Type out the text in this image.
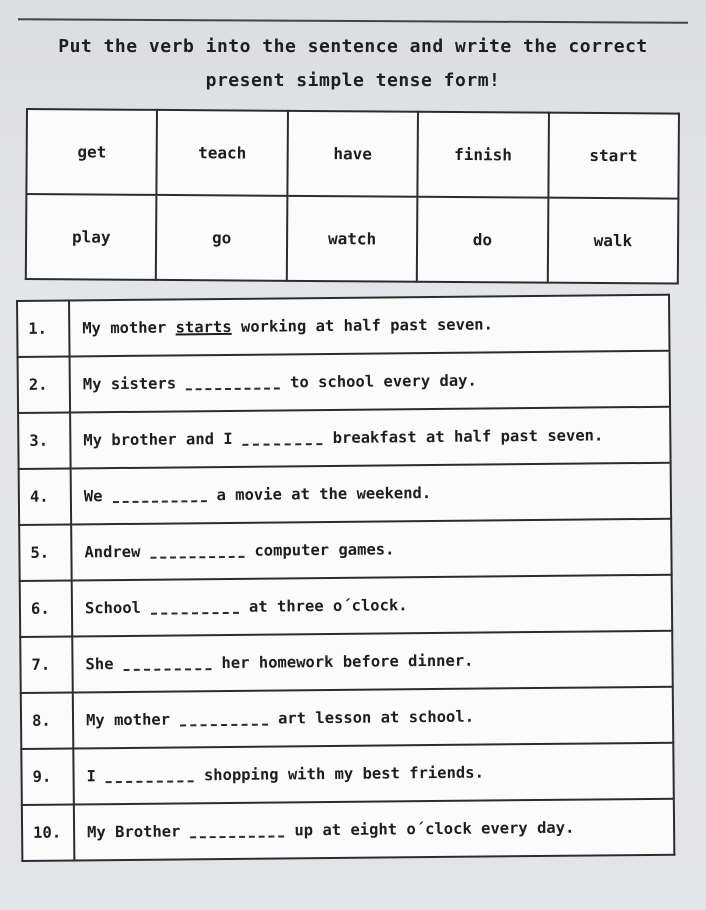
Put the verb into the sentence and write the correct
present simple tense form!
get	teach	have	finish	start
play	go	watch	do	walk
1.	My mother starts working at half past seven.
2.	My sisters to school every day.
3.	My brother and I breakfast at half past seven.
4.	We a movie at the weekend.
5.	Andrew computer games.
6.	School at three o´clock.
7.	She her homework before dinner.
8.	My mother art lesson at school.
9.	I shopping with my best friends.
10.	My Brother up at eight o´clock every day.
